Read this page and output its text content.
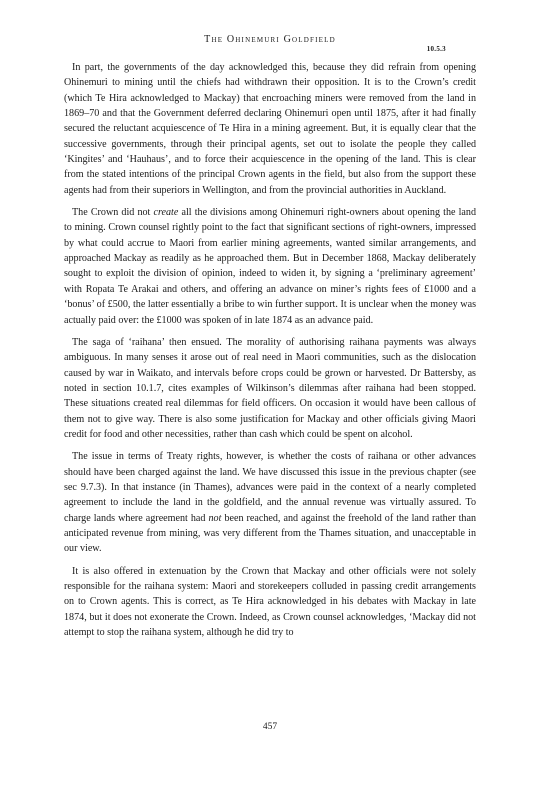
The Ohinemuri Goldfield
10.5.3

In part, the governments of the day acknowledged this, because they did refrain from opening Ohinemuri to mining until the chiefs had withdrawn their opposition. It is to the Crown’s credit (which Te Hira acknowledged to Mackay) that encroaching miners were removed from the land in 1869–70 and that the Government deferred declaring Ohinemuri open until 1875, after it had finally secured the reluctant acquiescence of Te Hira in a mining agreement. But, it is equally clear that the successive governments, through their principal agents, set out to isolate the people they called ‘Kingites’ and ‘Hauhaus’, and to force their acquiescence in the opening of the land. This is clear from the stated intentions of the principal Crown agents in the field, but also from the support these agents had from their superiors in Wellington, and from the provincial authorities in Auckland.

The Crown did not create all the divisions among Ohinemuri right-owners about opening the land to mining. Crown counsel rightly point to the fact that significant sections of right-owners, impressed by what could accrue to Maori from earlier mining agreements, wanted similar arrangements, and approached Mackay as readily as he approached them. But in December 1868, Mackay deliberately sought to exploit the division of opinion, indeed to widen it, by signing a ‘preliminary agreement’ with Ropata Te Arakai and others, and offering an advance on miner’s rights fees of £1000 and a ‘bonus’ of £500, the latter essentially a bribe to win further support. It is unclear when the money was actually paid over: the £1000 was spoken of in late 1874 as an advance paid.

The saga of ‘raihana’ then ensued. The morality of authorising raihana payments was always ambiguous. In many senses it arose out of real need in Maori communities, such as the dislocation caused by war in Waikato, and intervals before crops could be grown or harvested. Dr Battersby, as noted in section 10.1.7, cites examples of Wilkinson’s dilemmas after raihana had been stopped. These situations created real dilemmas for field officers. On occasion it would have been callous of them not to give way. There is also some justification for Mackay and other officials giving Maori credit for food and other necessities, rather than cash which could be spent on alcohol.

The issue in terms of Treaty rights, however, is whether the costs of raihana or other advances should have been charged against the land. We have discussed this issue in the previous chapter (see sec 9.7.3). In that instance (in Thames), advances were paid in the context of a nearly completed agreement to include the land in the goldfield, and the annual revenue was virtually assured. To charge lands where agreement had not been reached, and against the freehold of the land rather than anticipated revenue from mining, was very different from the Thames situation, and unacceptable in our view.

It is also offered in extenuation by the Crown that Mackay and other officials were not solely responsible for the raihana system: Maori and storekeepers colluded in passing credit arrangements on to Crown agents. This is correct, as Te Hira acknowledged in his debates with Mackay in late 1874, but it does not exonerate the Crown. Indeed, as Crown counsel acknowledges, ‘Mackay did not attempt to stop the raihana system, although he did try to

457
